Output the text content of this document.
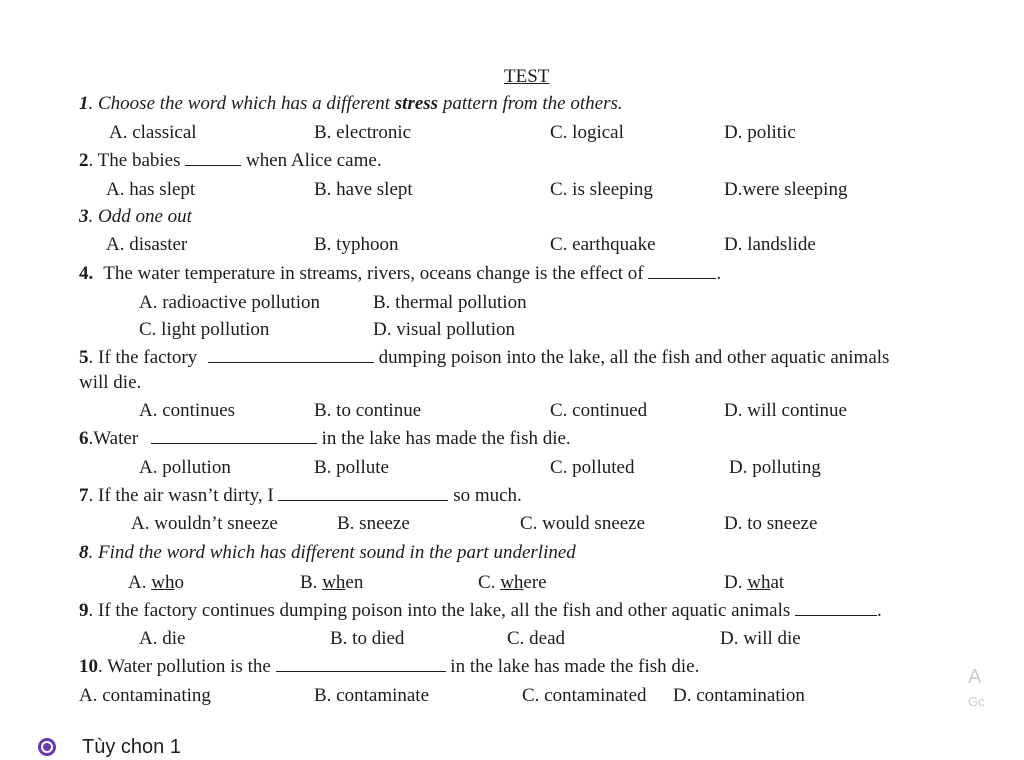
TEST
1. Choose the word which has a different stress pattern from the others.
A. classical	B. electronic	C. logical	D. politic
2. The babies	when Alice came.
A. has slept	B. have slept	C. is sleeping	D.were sleeping
3. Odd one out
A. disaster	B. typhoon	C. earthquake	D. landslide
4. The water temperature in streams, rivers, oceans change is the effect of	.
A. radioactive pollution	B. thermal pollution
C. light pollution	D. visual pollution
5. If the factory	dumping poison into the lake, all the fish and other aquatic animals
will die.
A. continues	B. to continue	C. continued	D. will continue
6.Water	in the lake has made the fish die.
A. pollution	B. pollute	C. polluted	D. polluting
7. If the air wasn’t dirty, I	so much.
A. wouldn’t sneeze	B. sneeze	C. would sneeze	D. to sneeze
8. Find the word which has different sound in the part underlined
A. who	B. when	C. where	D. what
9. If the factory continues dumping poison into the lake, all the fish and other aquatic animals	.
A. die	B. to died	C. dead	D. will die
10. Water pollution is the	in the lake has made the fish die.
A. contaminating	B. contaminate	C. contaminated D. contamination
A
Gc
Tùy chon 1
